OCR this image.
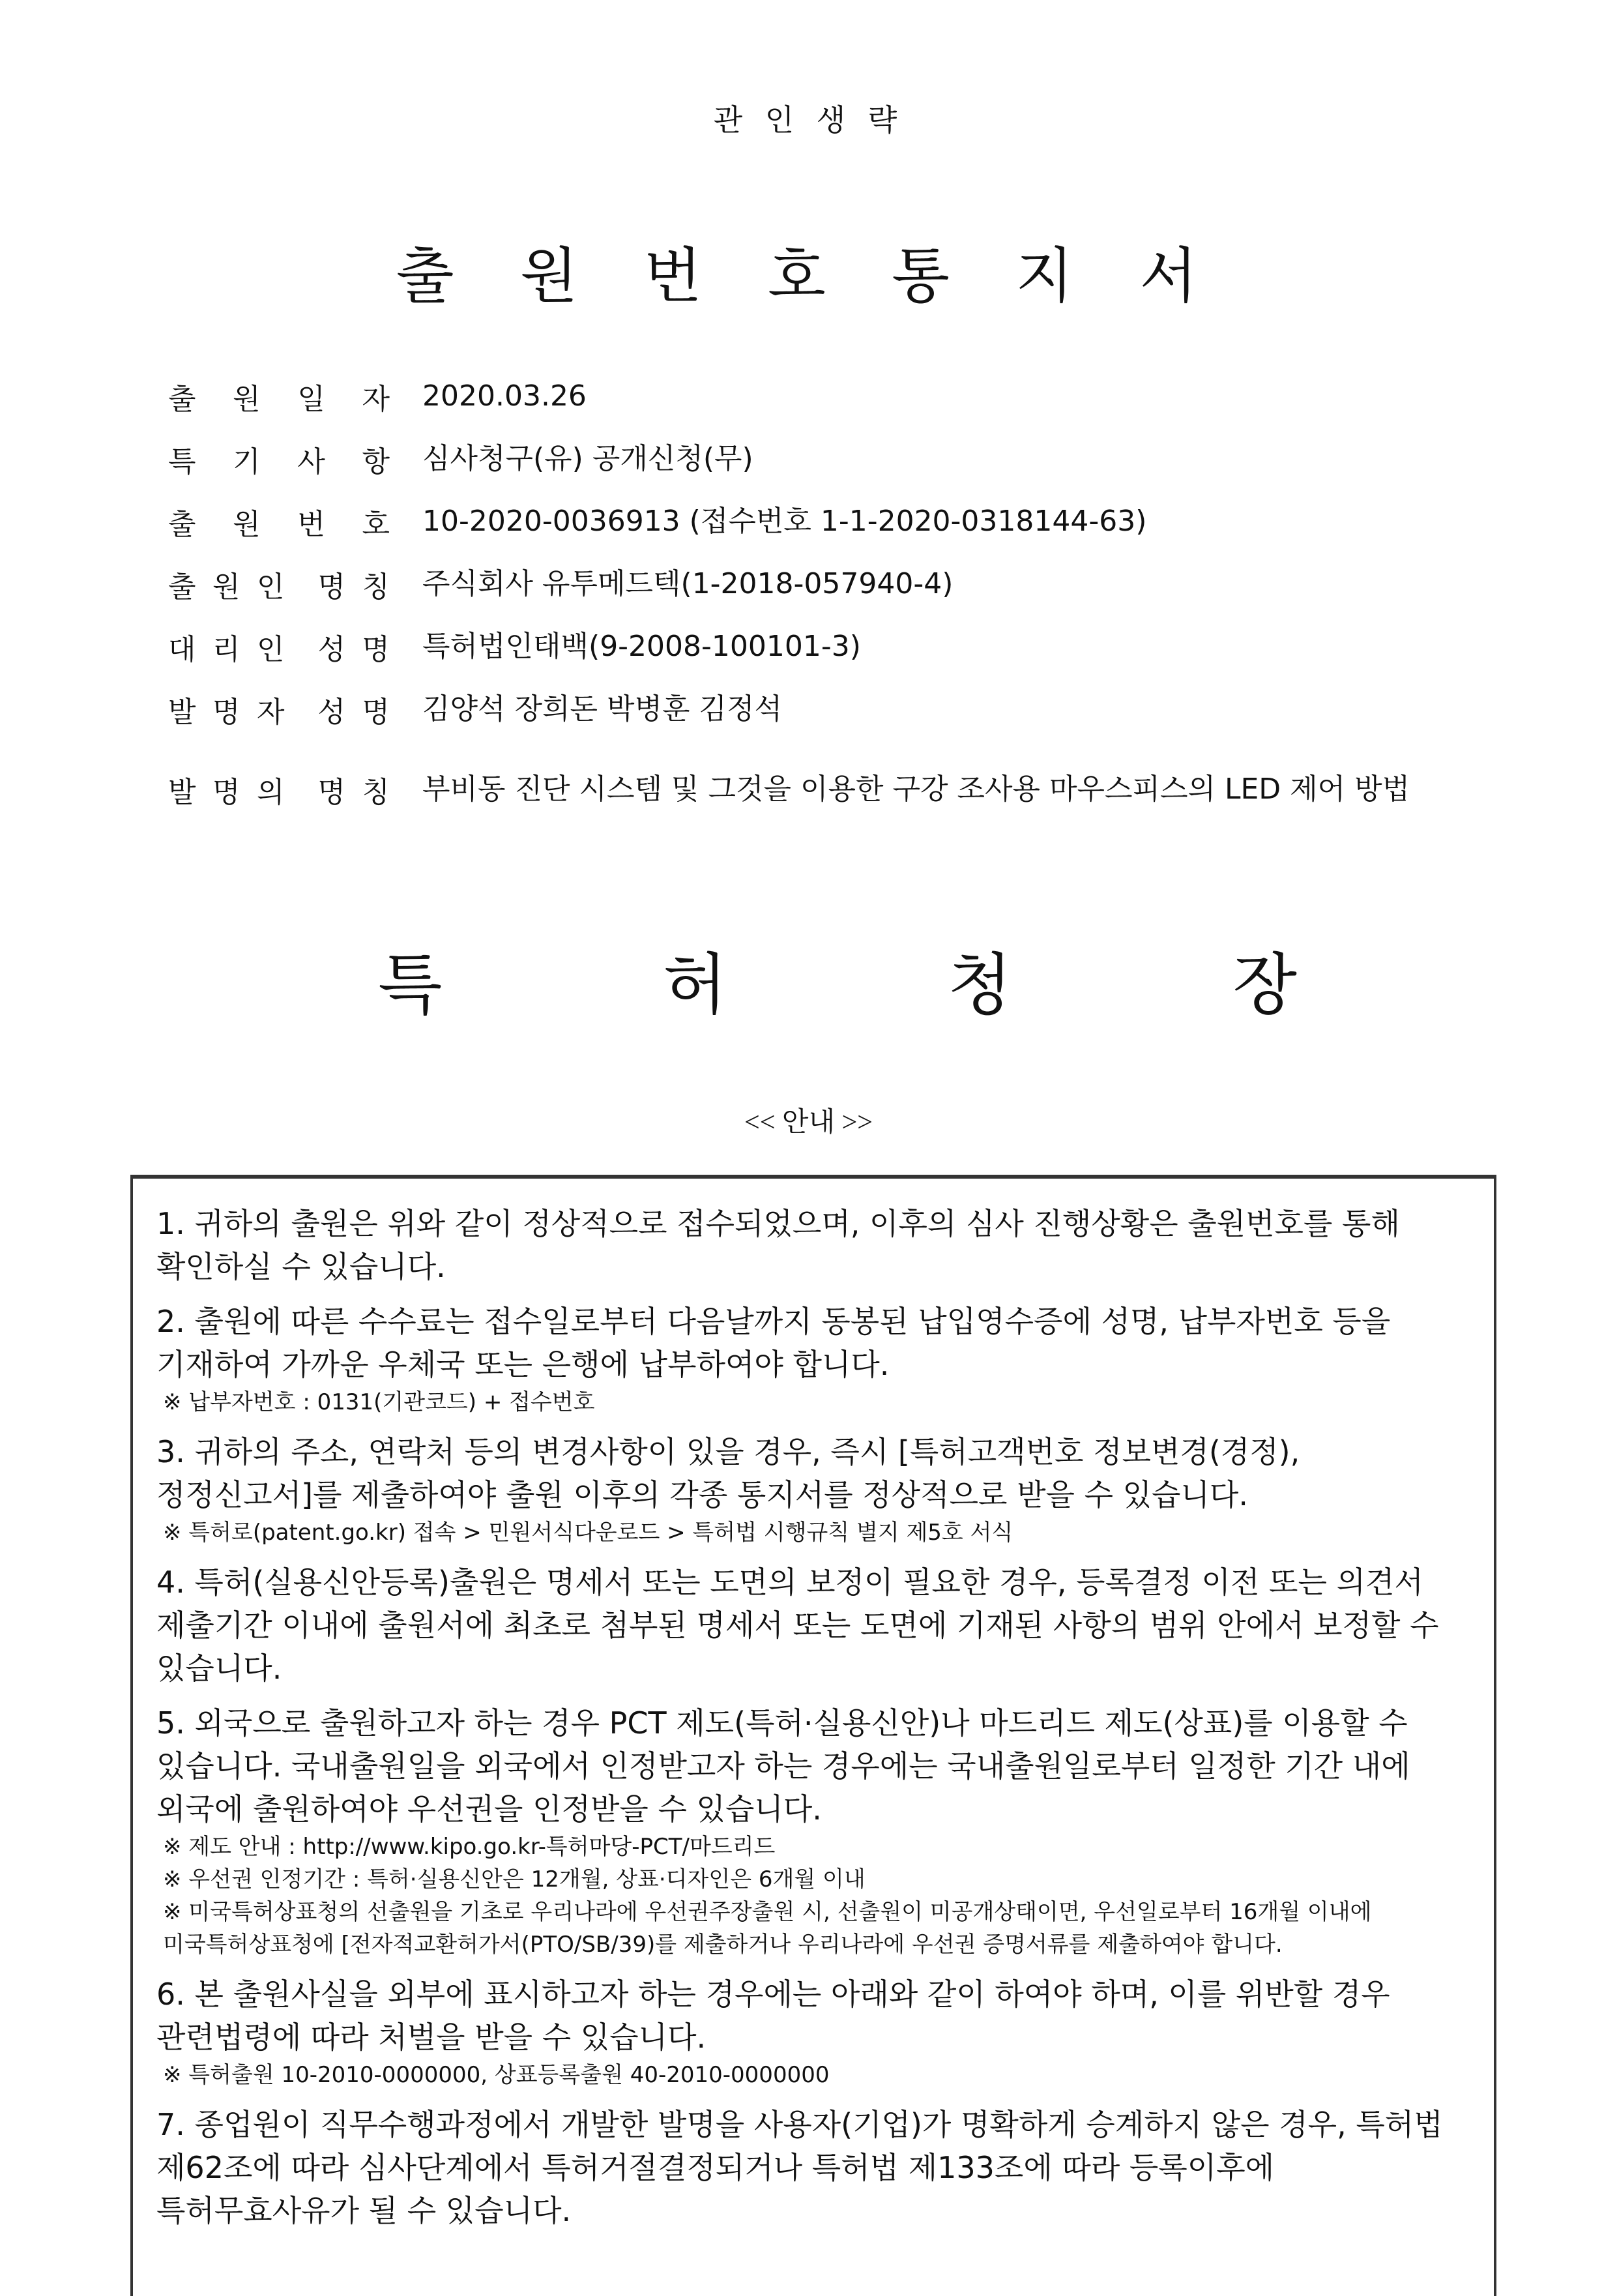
관 인 생 략
출 원 번 호 통 지 서
출 원 일 자 2020.03.26
특 기 사 항 심사청구(유) 공개신청(무)
출 원 번 호 10-2020-0036913 (접수번호 1-1-2020-0318144-63)
출 원 인 명 칭 주식회사 유투메드텍(1-2018-057940-4)
대 리 인 성 명 특허법인태백(9-2008-100101-3)
발 명 자 성 명 김양석 장희돈 박병훈 김정석
발 명 의 명 칭 부비동 진단 시스템 및 그것을 이용한 구강 조사용 마우스피스의 LED 제어 방법
특	허	청	장
<< 안내 >>
1. 귀하의 출원은 위와 같이 정상적으로 접수되었으며, 이후의 심사 진행상황은 출원번호를 통해 확인하실 수 있습니다.
2. 출원에 따른 수수료는 접수일로부터 다음날까지 동봉된 납입영수증에 성명, 납부자번호 등을 기재하여 가까운 우체국 또는 은행에 납부하여야 합니다.
※ 납부자번호 : 0131(기관코드) + 접수번호
3. 귀하의 주소, 연락처 등의 변경사항이 있을 경우, 즉시 [특허고객번호 정보변경(경정), 정정신고서]를 제출하여야 출원 이후의 각종 통지서를 정상적으로 받을 수 있습니다.
※ 특허로(patent.go.kr) 접속 > 민원서식다운로드 > 특허법 시행규칙 별지 제5호 서식
4. 특허(실용신안등록)출원은 명세서 또는 도면의 보정이 필요한 경우, 등록결정 이전 또는 의견서 제출기간 이내에 출원서에 최초로 첨부된 명세서 또는 도면에 기재된 사항의 범위 안에서 보정할 수 있습니다.
5. 외국으로 출원하고자 하는 경우 PCT 제도(특허·실용신안)나 마드리드 제도(상표)를 이용할 수 있습니다. 국내출원일을 외국에서 인정받고자 하는 경우에는 국내출원일로부터 일정한 기간 내에 외국에 출원하여야 우선권을 인정받을 수 있습니다.
※ 제도 안내 : http://www.kipo.go.kr-특허마당-PCT/마드리드
※ 우선권 인정기간 : 특허·실용신안은 12개월, 상표·디자인은 6개월 이내
※ 미국특허상표청의 선출원을 기초로 우리나라에 우선권주장출원 시, 선출원이 미공개상태이면, 우선일로부터 16개월 이내에 미국특허상표청에 [전자적교환허가서(PTO/SB/39)를 제출하거나 우리나라에 우선권 증명서류를 제출하여야 합니다.
6. 본 출원사실을 외부에 표시하고자 하는 경우에는 아래와 같이 하여야 하며, 이를 위반할 경우 관련법령에 따라 처벌을 받을 수 있습니다.
※ 특허출원 10-2010-0000000, 상표등록출원 40-2010-0000000
7. 종업원이 직무수행과정에서 개발한 발명을 사용자(기업)가 명확하게 승계하지 않은 경우, 특허법 제62조에 따라 심사단계에서 특허거절결정되거나 특허법 제133조에 따라 등록이후에 특허무효사유가 될 수 있습니다.
